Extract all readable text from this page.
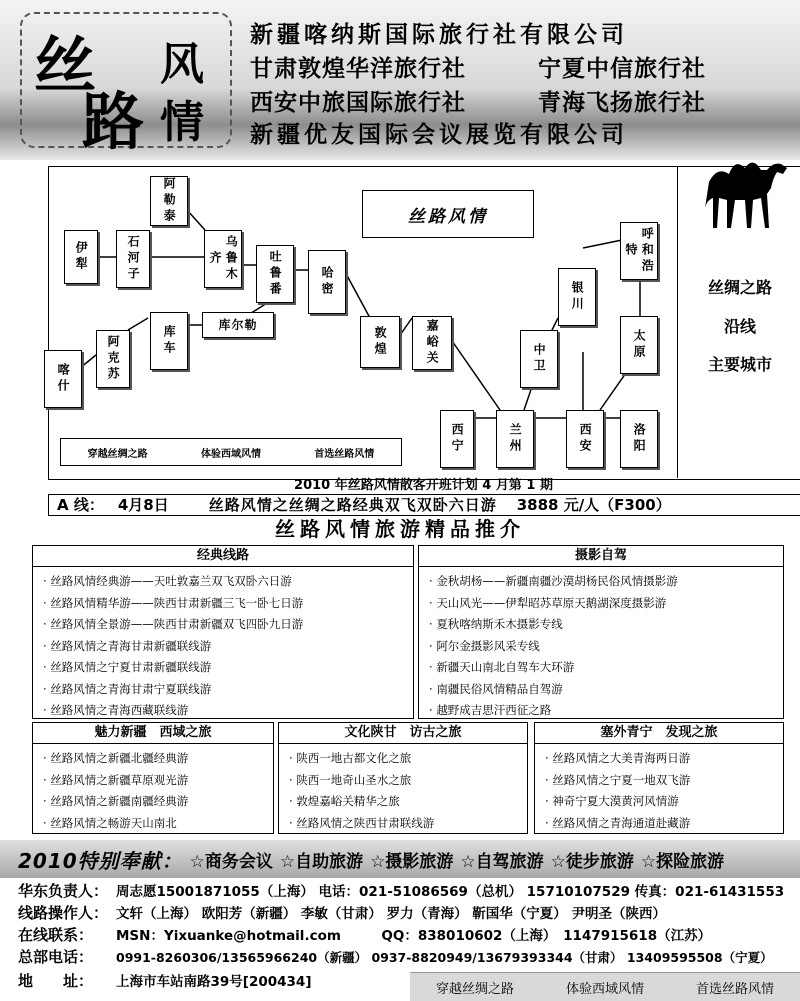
丝 风
路 情
新疆喀纳斯国际旅行社有限公司
甘肃敦煌华洋旅行社	宁夏中信旅行社
西安中旅国际旅行社	青海飞扬旅行社
新疆优友国际会议展览有限公司
丝路风情
阿勒泰
伊犁	石河子	乌鲁木齐	吐鲁番	哈密
敦煌	嘉峪关
喀什	阿克苏	库车
库尔勒
西宁	兰州
中卫
银川
西安	洛阳
太原
呼和浩特
穿越丝绸之路	体验西域风情	首选丝路风情
丝绸之路
沿线
主要城市
2010 年丝路风情散客开班计划 4 月第 1 期
A 线： 4月8日	丝路风情之丝绸之路经典双飞双卧六日游 3888 元/人（F300）
丝路风情旅游精品推介
经典线路
· 丝路风情经典游——天吐敦嘉兰双飞双卧六日游
· 丝路风情精华游——陕西甘肃新疆三飞一卧七日游
· 丝路风情全景游——陕西甘肃新疆双飞四卧九日游
· 丝路风情之青海甘肃新疆联线游
· 丝路风情之宁夏甘肃新疆联线游
· 丝路风情之青海甘肃宁夏联线游
· 丝路风情之青海西藏联线游
摄影自驾
· 金秋胡杨——新疆南疆沙漠胡杨民俗风情摄影游
· 天山风光——伊犁昭苏草原天鹅湖深度摄影游
· 夏秋喀纳斯禾木摄影专线
· 阿尔金摄影风采专线
· 新疆天山南北自驾车大环游
· 南疆民俗风情精品自驾游
· 越野成吉思汗西征之路
魅力新疆　西域之旅
· 丝路风情之新疆北疆经典游
· 丝路风情之新疆草原观光游
· 丝路风情之新疆南疆经典游
· 丝路风情之畅游天山南北
文化陕甘　访古之旅
· 陕西一地古都文化之旅
· 陕西一地奇山圣水之旅
· 敦煌嘉峪关精华之旅
· 丝路风情之陕西甘肃联线游
塞外青宁　发现之旅
· 丝路风情之大美青海两日游
· 丝路风情之宁夏一地双飞游
· 神奇宁夏大漠黄河风情游
· 丝路风情之青海通道赴藏游
2010特别奉献： ☆商务会议 ☆自助旅游 ☆摄影旅游 ☆自驾旅游 ☆徒步旅游 ☆探险旅游
华东负责人： 周志愿15001871055（上海） 电话：021-51086569（总机） 15710107529 传真：021-61431553
线路操作人： 文轩（上海） 欧阳芳（新疆） 李敏（甘肃） 罗力（青海） 靳国华（宁夏） 尹明圣（陕西）
在线联系： MSN：Yixuanke@hotmail.com　　　QQ：838010602（上海）　1147915618（江苏）
总部电话： 0991-8260306/13565966240（新疆） 0937-8820949/13679393344（甘肃） 13409595508（宁夏）
地　　址： 上海市车站南路39号[200434]	穿越丝绸之路	体验西域风情	首选丝路风情
